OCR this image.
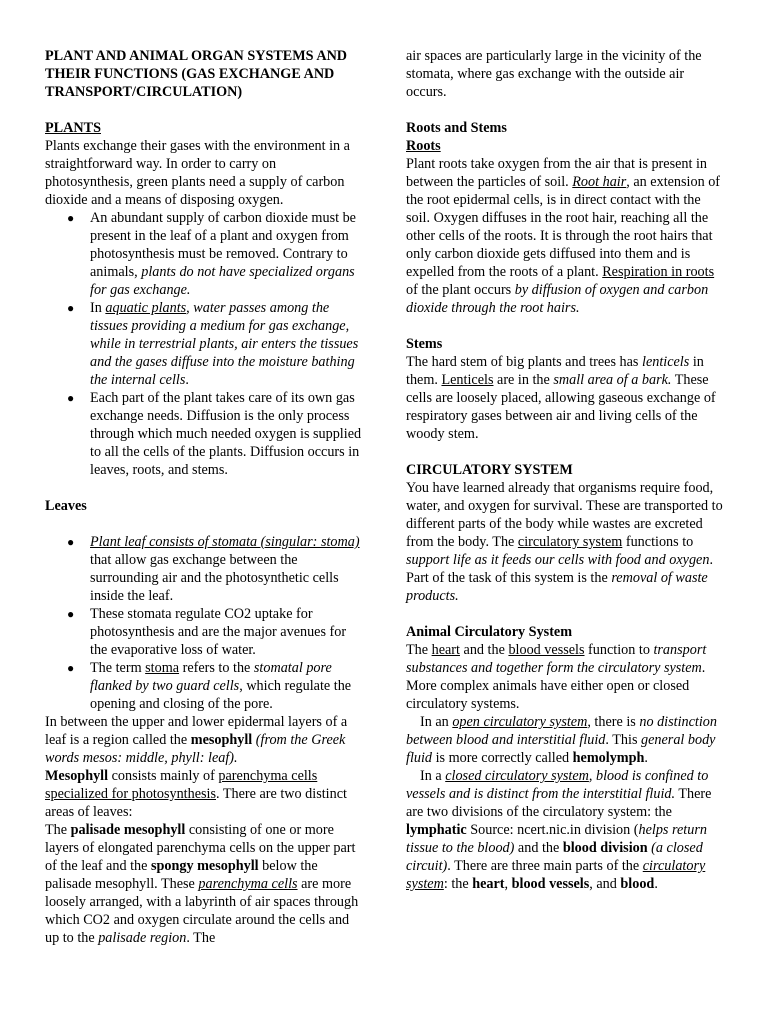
PLANT AND ANIMAL ORGAN SYSTEMS AND THEIR FUNCTIONS (GAS EXCHANGE AND TRANSPORT/CIRCULATION)

PLANTS

Plants exchange their gases with the environment in a straightforward way. In order to carry on photosynthesis, green plants need a supply of carbon dioxide and a means of disposing oxygen.

● An abundant supply of carbon dioxide must be present in the leaf of a plant and oxygen from photosynthesis must be removed. Contrary to animals, plants do not have specialized organs for gas exchange.
● In aquatic plants, water passes among the tissues providing a medium for gas exchange, while in terrestrial plants, air enters the tissues and the gases diffuse into the moisture bathing the internal cells.
● Each part of the plant takes care of its own gas exchange needs. Diffusion is the only process through which much needed oxygen is supplied to all the cells of the plants. Diffusion occurs in leaves, roots, and stems.

Leaves

● Plant leaf consists of stomata (singular: stoma) that allow gas exchange between the surrounding air and the photosynthetic cells inside the leaf.
● These stomata regulate CO2 uptake for photosynthesis and are the major avenues for the evaporative loss of water.
● The term stoma refers to the stomatal pore flanked by two guard cells, which regulate the opening and closing of the pore.

In between the upper and lower epidermal layers of a leaf is a region called the mesophyll (from the Greek words mesos: middle, phyll: leaf).

Mesophyll consists mainly of parenchyma cells specialized for photosynthesis. There are two distinct areas of leaves:

The palisade mesophyll consisting of one or more layers of elongated parenchyma cells on the upper part of the leaf and the spongy mesophyll below the palisade mesophyll. These parenchyma cells are more loosely arranged, with a labyrinth of air spaces through which CO2 and oxygen circulate around the cells and up to the palisade region. The

air spaces are particularly large in the vicinity of the stomata, where gas exchange with the outside air occurs.

Roots and Stems

Roots

Plant roots take oxygen from the air that is present in between the particles of soil. Root hair, an extension of the root epidermal cells, is in direct contact with the soil. Oxygen diffuses in the root hair, reaching all the other cells of the roots. It is through the root hairs that only carbon dioxide gets diffused into them and is expelled from the roots of a plant. Respiration in roots of the plant occurs by diffusion of oxygen and carbon dioxide through the root hairs.

Stems

The hard stem of big plants and trees has lenticels in them. Lenticels are in the small area of a bark. These cells are loosely placed, allowing gaseous exchange of respiratory gases between air and living cells of the woody stem.

CIRCULATORY SYSTEM

You have learned already that organisms require food, water, and oxygen for survival. These are transported to different parts of the body while wastes are excreted from the body. The circulatory system functions to support life as it feeds our cells with food and oxygen. Part of the task of this system is the removal of waste products.

Animal Circulatory System

The heart and the blood vessels function to transport substances and together form the circulatory system. More complex animals have either open or closed circulatory systems.

In an open circulatory system, there is no distinction between blood and interstitial fluid. This general body fluid is more correctly called hemolymph.

In a closed circulatory system, blood is confined to vessels and is distinct from the interstitial fluid. There are two divisions of the circulatory system: the lymphatic Source: ncert.nic.in division (helps return tissue to the blood) and the blood division (a closed circuit). There are three main parts of the circulatory system: the heart, blood vessels, and blood.
